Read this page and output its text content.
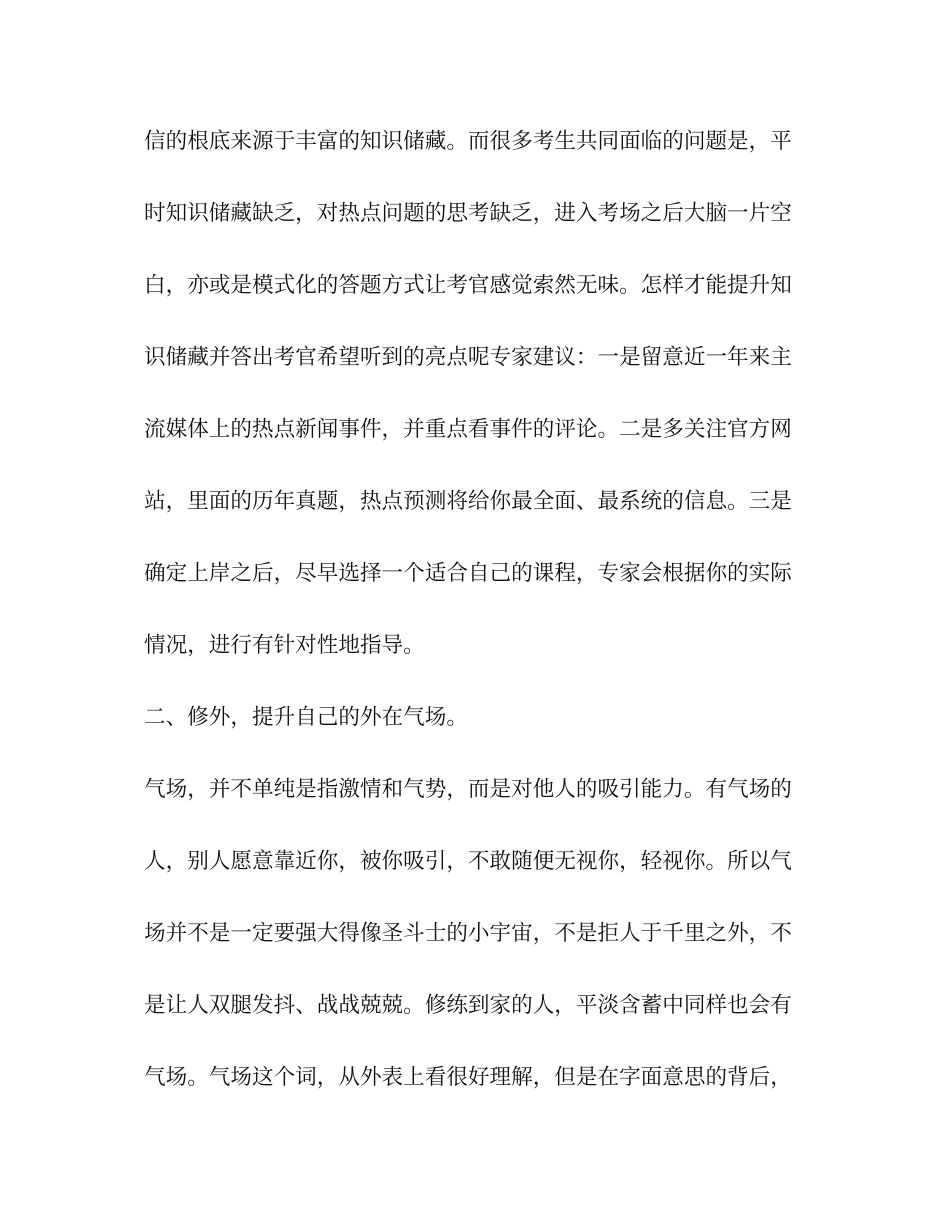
信的根底来源于丰富的知识储藏。而很多考生共同面临的问题是，平

时知识储藏缺乏，对热点问题的思考缺乏，进入考场之后大脑一片空

白，亦或是模式化的答题方式让考官感觉索然无味。怎样才能提升知

识储藏并答出考官希望听到的亮点呢专家建议：一是留意近一年来主

流媒体上的热点新闻事件，并重点看事件的评论。二是多关注官方网

站，里面的历年真题，热点预测将给你最全面、最系统的信息。三是

确定上岸之后，尽早选择一个适合自己的课程，专家会根据你的实际

情况，进行有针对性地指导。

二、修外，提升自己的外在气场。

气场，并不单纯是指激情和气势，而是对他人的吸引能力。有气场的

人，别人愿意靠近你，被你吸引，不敢随便无视你，轻视你。所以气

场并不是一定要强大得像圣斗士的小宇宙，不是拒人于千里之外，不

是让人双腿发抖、战战兢兢。修练到家的人，平淡含蓄中同样也会有

气场。气场这个词，从外表上看很好理解，但是在字面意思的背后，
